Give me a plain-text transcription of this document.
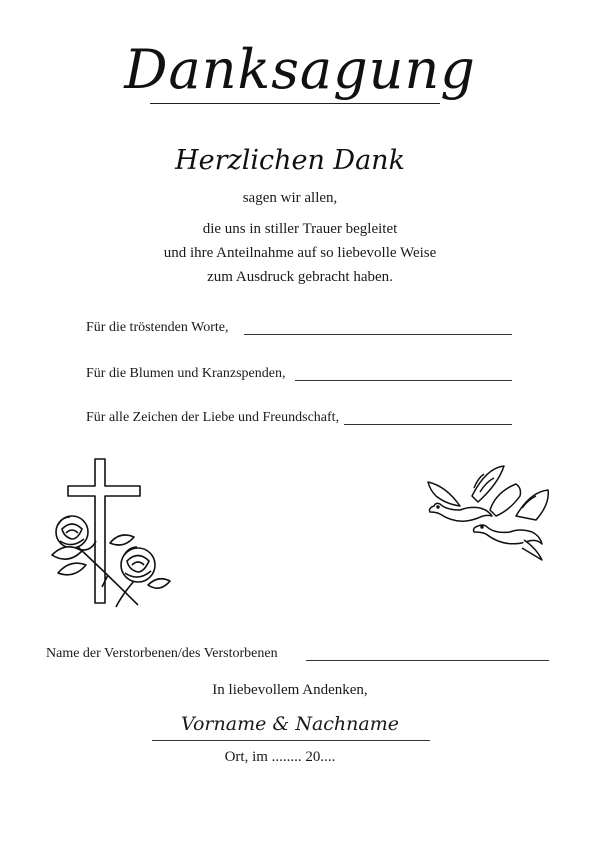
Danksagung
Herzlichen Dank
sagen wir allen,
die uns in stiller Trauer begleitet
und ihre Anteilnahme auf so liebevolle Weise
zum Ausdruck gebracht haben.
Für die tröstenden Worte,
Für die Blumen und Kranzspenden,
Für alle Zeichen der Liebe und Freundschaft,
Name der Verstorbenen/des Verstorbenen
In liebevollem Andenken,
Vorname & Nachname
Ort, im ........ 20....
